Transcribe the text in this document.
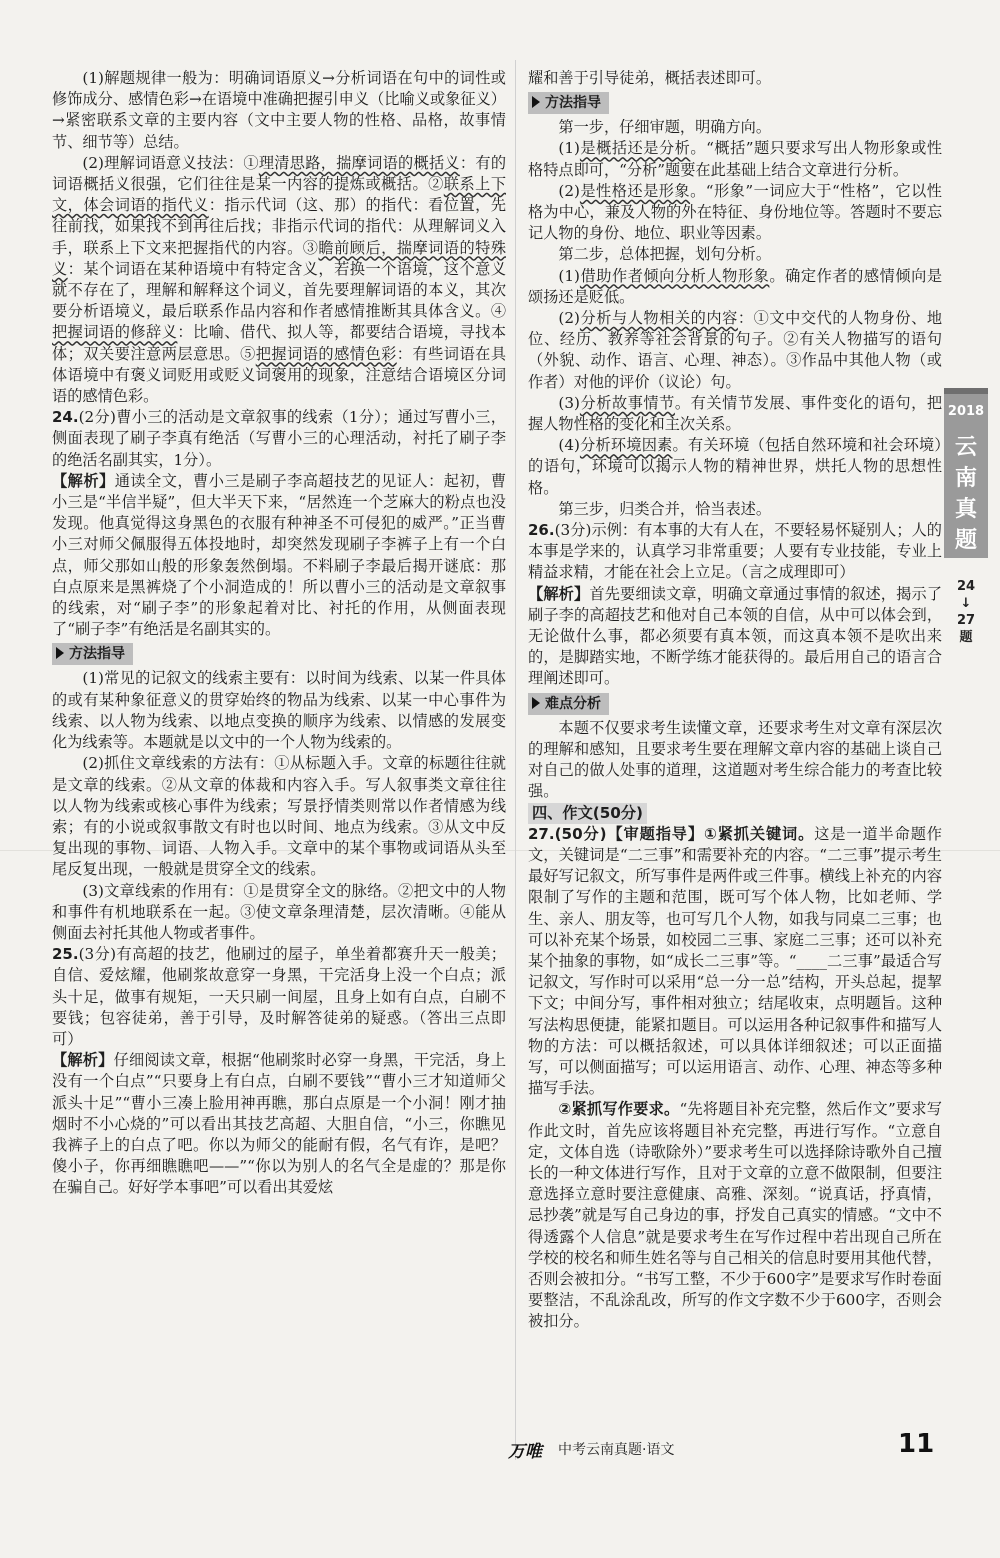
(1)解题规律一般为：明确词语原义→分析词语在句中的词性或修饰成分、感情色彩→在语境中准确把握引申义（比喻义或象征义）→紧密联系文章的主要内容（文中主要人物的性格、品格，故事情节、细节等）总结。

(2)理解词语意义技法：①理清思路，揣摩词语的概括义：有的词语概括义很强，它们往往是某一内容的提炼或概括。②联系上下文，体会词语的指代义：指示代词（这、那）的指代：看位置，先往前找，如果找不到再往后找；非指示代词的指代：从理解词义入手，联系上下文来把握指代的内容。③瞻前顾后，揣摩词语的特殊义：某个词语在某种语境中有特定含义，若换一个语境，这个意义就不存在了，理解和解释这个词义，首先要理解词语的本义，其次要分析语境义，最后联系作品内容和作者感情推断其具体含义。④把握词语的修辞义：比喻、借代、拟人等，都要结合语境，寻找本体；双关要注意两层意思。⑤把握词语的感情色彩：有些词语在具体语境中有褒义词贬用或贬义词褒用的现象，注意结合语境区分词语的感情色彩。

24.(2分)曹小三的活动是文章叙事的线索（1分）；通过写曹小三，侧面表现了刷子李真有绝活（写曹小三的心理活动，衬托了刷子李的绝活名副其实，1分）。

【解析】通读全文，曹小三是刷子李高超技艺的见证人：起初，曹小三是“半信半疑”，但大半天下来，“居然连一个芝麻大的粉点也没发现。他真觉得这身黑色的衣服有种神圣不可侵犯的威严。”正当曹小三对师父佩服得五体投地时，却突然发现刷子李裤子上有一个白点，师父那如山般的形象轰然倒塌。不料刷子李最后揭开谜底：那白点原来是黑裤烧了个小洞造成的！所以曹小三的活动是文章叙事的线索，对“刷子李”的形象起着对比、衬托的作用，从侧面表现了“刷子李”有绝活是名副其实的。

方法指导

(1)常见的记叙文的线索主要有：以时间为线索、以某一件具体的或有某种象征意义的贯穿始终的物品为线索、以某一中心事件为线索、以人物为线索、以地点变换的顺序为线索、以情感的发展变化为线索等。本题就是以文中的一个人物为线索的。

(2)抓住文章线索的方法有：①从标题入手。文章的标题往往就是文章的线索。②从文章的体裁和内容入手。写人叙事类文章往往以人物为线索或核心事件为线索；写景抒情类则常以作者情感为线索；有的小说或叙事散文有时也以时间、地点为线索。③从文中反复出现的事物、词语、人物入手。文章中的某个事物或词语从头至尾反复出现，一般就是贯穿全文的线索。

(3)文章线索的作用有：①是贯穿全文的脉络。②把文中的人物和事件有机地联系在一起。③使文章条理清楚，层次清晰。④能从侧面去衬托其他人物或者事件。

25.(3分)有高超的技艺，他刷过的屋子，单坐着都赛升天一般美；自信、爱炫耀，他刷浆故意穿一身黑，干完活身上没一个白点；派头十足，做事有规矩，一天只刷一间屋，且身上如有白点，白刷不要钱；包容徒弟，善于引导，及时解答徒弟的疑惑。（答出三点即可）

【解析】仔细阅读文章，根据“他刷浆时必穿一身黑，干完活，身上没有一个白点”“只要身上有白点，白刷不要钱”“曹小三才知道师父派头十足”“曹小三凑上脸用神再瞧，那白点原是一个小洞！刚才抽烟时不小心烧的”可以看出其技艺高超、大胆自信，“小三，你瞧见我裤子上的白点了吧。你以为师父的能耐有假，名气有诈，是吧？傻小子，你再细瞧瞧吧——”“你以为别人的名气全是虚的？那是你在骗自己。好好学本事吧”可以看出其爱炫

耀和善于引导徒弟，概括表述即可。

方法指导

第一步，仔细审题，明确方向。

(1)是概括还是分析。“概括”题只要求写出人物形象或性格特点即可，“分析”题要在此基础上结合文章进行分析。

(2)是性格还是形象。“形象”一词应大于“性格”，它以性格为中心，兼及人物的外在特征、身份地位等。答题时不要忘记人物的身份、地位、职业等因素。

第二步，总体把握，划句分析。

(1)借助作者倾向分析人物形象。确定作者的感情倾向是颂扬还是贬低。

(2)分析与人物相关的内容：①文中交代的人物身份、地位、经历、教养等社会背景的句子。②有关人物描写的语句（外貌、动作、语言、心理、神态）。③作品中其他人物（或作者）对他的评价（议论）句。

(3)分析故事情节。有关情节发展、事件变化的语句，把握人物性格的变化和主次关系。

(4)分析环境因素。有关环境（包括自然环境和社会环境）的语句，环境可以揭示人物的精神世界，烘托人物的思想性格。

第三步，归类合并，恰当表述。

26.(3分)示例：有本事的大有人在，不要轻易怀疑别人；人的本事是学来的，认真学习非常重要；人要有专业技能，专业上精益求精，才能在社会上立足。（言之成理即可）

【解析】首先要细读文章，明确文章通过事情的叙述，揭示了刷子李的高超技艺和他对自己本领的自信，从中可以体会到，无论做什么事，都必须要有真本领，而这真本领不是吹出来的，是脚踏实地，不断学练才能获得的。最后用自己的语言合理阐述即可。

难点分析

本题不仅要求考生读懂文章，还要求考生对文章有深层次的理解和感知，且要求考生要在理解文章内容的基础上谈自己对自己的做人处事的道理，这道题对考生综合能力的考查比较强。

四、作文(50分)

27.(50分)【审题指导】①紧抓关键词。这是一道半命题作文，关键词是“二三事”和需要补充的内容。“二三事”提示考生最好写记叙文，所写事件是两件或三件事。横线上补充的内容限制了写作的主题和范围，既可写个体人物，比如老师、学生、亲人、朋友等，也可写几个人物，如我与同桌二三事；也可以补充某个场景，如校园二三事、家庭二三事；还可以补充某个抽象的事物，如“成长二三事”等。“____二三事”最适合写记叙文，写作时可以采用“总一分一总”结构，开头总起，提挈下文；中间分写，事件相对独立；结尾收束，点明题旨。这种写法构思便捷，能紧扣题目。可以运用各种记叙事件和描写人物的方法：可以概括叙述，可以具体详细叙述；可以正面描写，可以侧面描写；可以运用语言、动作、心理、神态等多种描写手法。

②紧抓写作要求。“先将题目补充完整，然后作文”要求写作此文时，首先应该将题目补充完整，再进行写作。“立意自定，文体自选（诗歌除外）”要求考生可以选择除诗歌外自己擅长的一种文体进行写作，且对于文章的立意不做限制，但要注意选择立意时要注意健康、高雅、深刻。“说真话，抒真情，忌抄袭”就是写自己身边的事，抒发自己真实的情感。“文中不得透露个人信息”就是要求考生在写作过程中若出现自己所在学校的校名和师生姓名等与自己相关的信息时要用其他代替，否则会被扣分。“书写工整，不少于600字”是要求写作时卷面要整洁，不乱涂乱改，所写的作文字数不少于600字，否则会被扣分。

2018
云
南
真
题
24
↓
27
题
万唯 中考云南真题·语文	11
